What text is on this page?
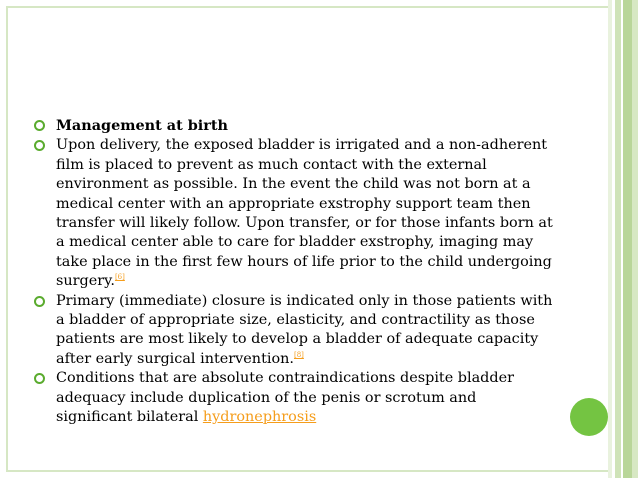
Management at birth

Upon delivery, the exposed bladder is irrigated and a non-adherent film is placed to prevent as much contact with the external environment as possible. In the event the child was not born at a medical center with an appropriate exstrophy support team then transfer will likely follow. Upon transfer, or for those infants born at a medical center able to care for bladder exstrophy, imaging may take place in the first few hours of life prior to the child undergoing surgery.[6]

Primary (immediate) closure is indicated only in those patients with a bladder of appropriate size, elasticity, and contractility as those patients are most likely to develop a bladder of adequate capacity after early surgical intervention.[8]

Conditions that are absolute contraindications despite bladder adequacy include duplication of the penis or scrotum and significant bilateral hydronephrosis
